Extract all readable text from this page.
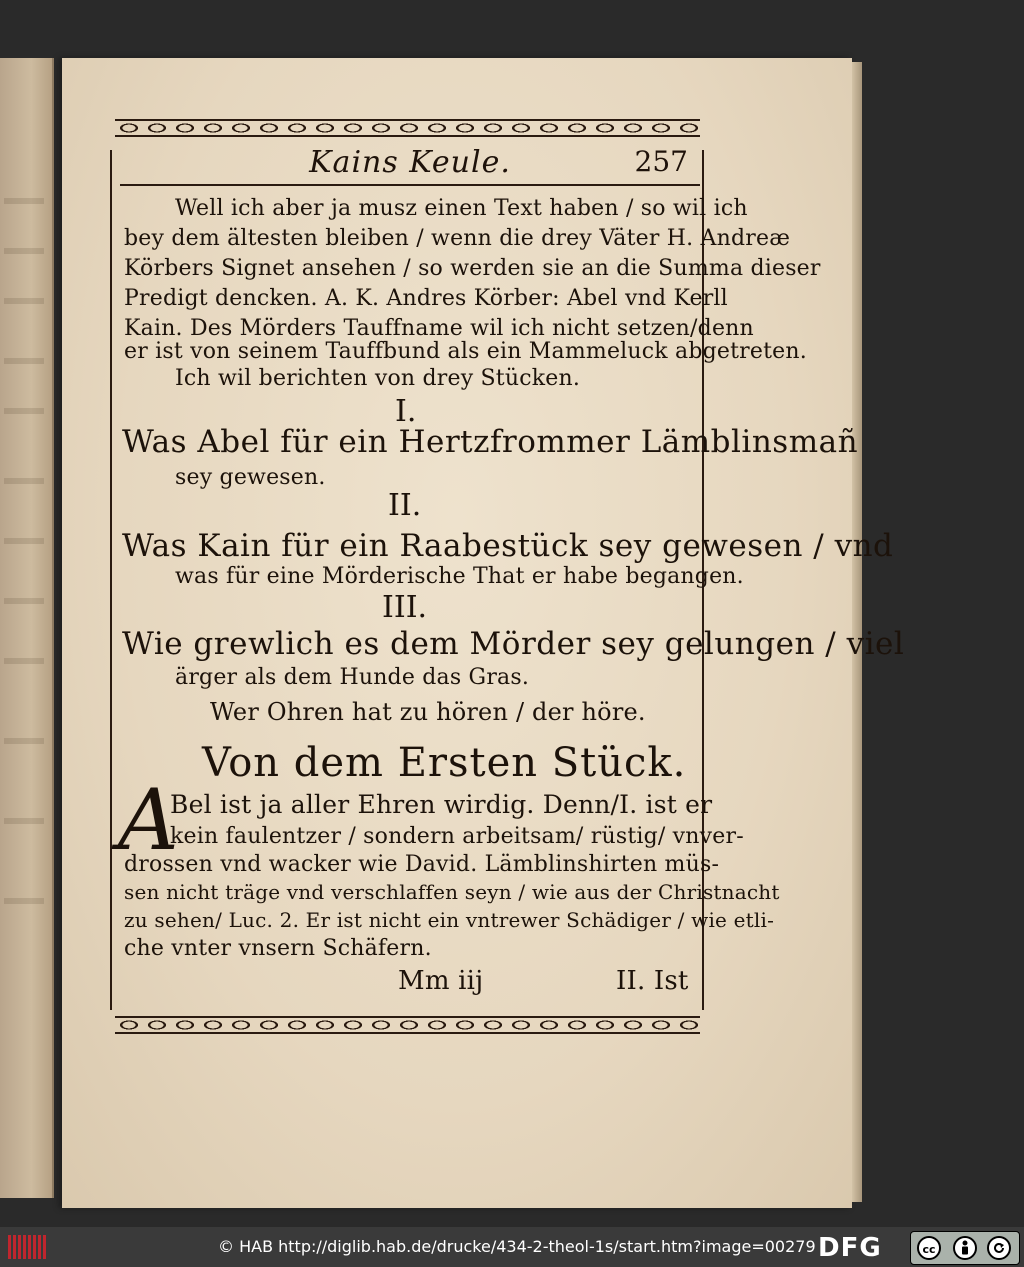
Kains Keule.	257
Well ich aber ja musz einen Text haben / so wil ich
bey dem ältesten bleiben / wenn die drey Väter H. Andreæ
Körbers Signet ansehen / so werden sie an die Summa dieser
Predigt dencken. A. K. Andres Körber: Abel vnd Kerll
Kain. Des Mörders Tauffname wil ich nicht setzen/denn
er ist von seinem Tauffbund als ein Mammeluck abgetreten.
Ich wil berichten von drey Stücken.
I.
Was Abel für ein Hertzfrommer Lämblinsmañ
sey gewesen.
II.
Was Kain für ein Raabestück sey gewesen / vnd
was für eine Mörderische That er habe begangen.
III.
Wie grewlich es dem Mörder sey gelungen / viel
ärger als dem Hunde das Gras.
Wer Ohren hat zu hören / der höre.
Von dem Ersten Stück.
A
Bel ist ja aller Ehren wirdig. Denn/I. ist er
kein faulentzer / sondern arbeitsam/ rüstig/ vnver-
drossen vnd wacker wie David. Lämblinshirten müs-
sen nicht träge vnd verschlaffen seyn / wie aus der Christnacht
zu sehen/ Luc. 2. Er ist nicht ein vntrewer Schädiger / wie etli-
che vnter vnsern Schäfern.
Mm iij	II. Ist
© HAB http://diglib.hab.de/drucke/434-2-theol-1s/start.htm?image=00279 DFG	cc
